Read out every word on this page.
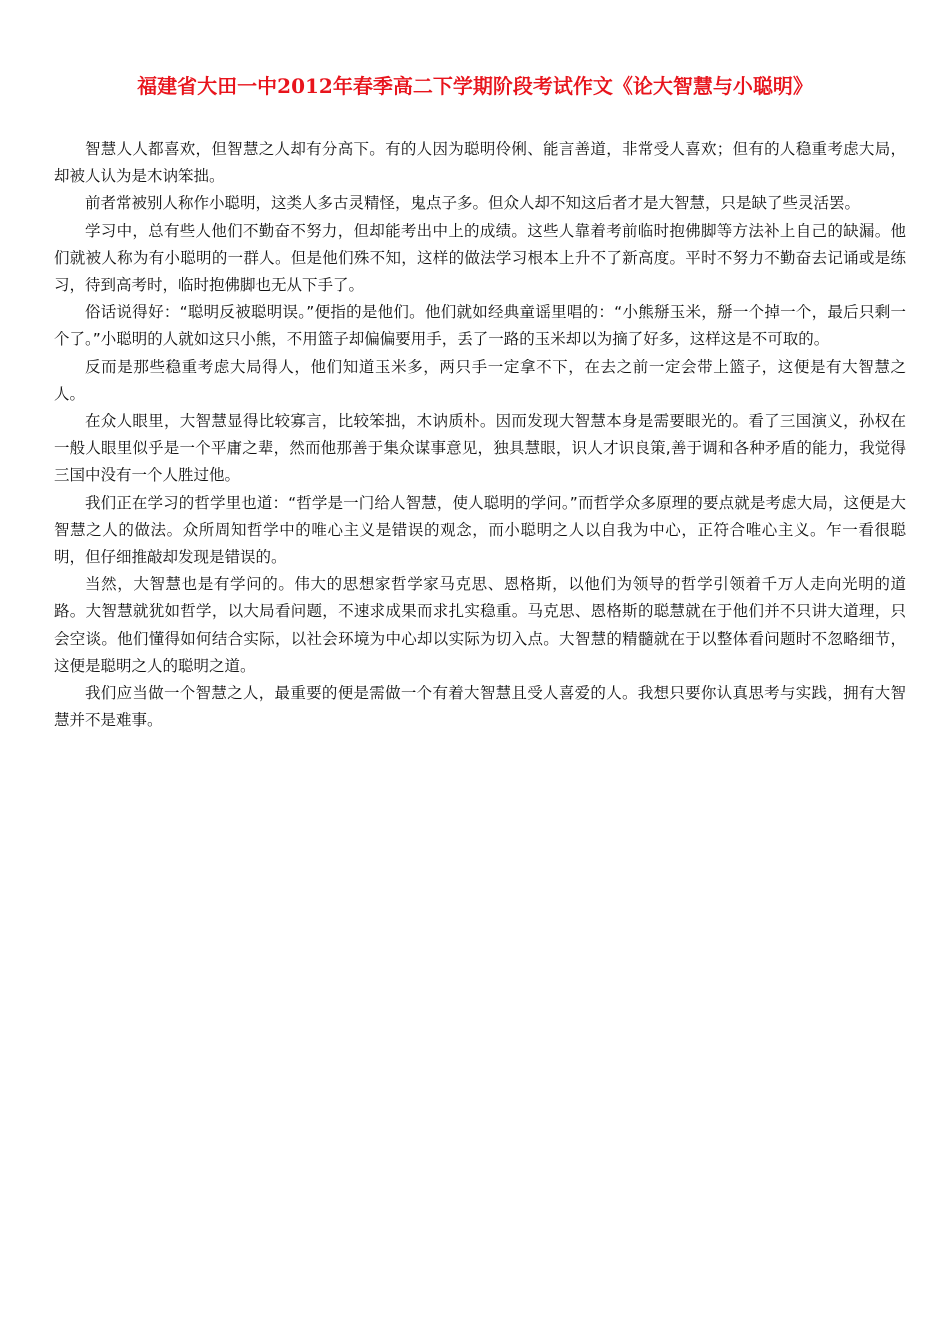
福建省大田一中2012年春季高二下学期阶段考试作文《论大智慧与小聪明》

智慧人人都喜欢，但智慧之人却有分高下。有的人因为聪明伶俐、能言善道，非常受人喜欢；但有的人稳重考虑大局，却被人认为是木讷笨拙。

前者常被别人称作小聪明，这类人多古灵精怪，鬼点子多。但众人却不知这后者才是大智慧，只是缺了些灵活罢。

学习中，总有些人他们不勤奋不努力，但却能考出中上的成绩。这些人靠着考前临时抱佛脚等方法补上自己的缺漏。他们就被人称为有小聪明的一群人。但是他们殊不知，这样的做法学习根本上升不了新高度。平时不努力不勤奋去记诵或是练习，待到高考时，临时抱佛脚也无从下手了。

俗话说得好：“聪明反被聪明误。”便指的是他们。他们就如经典童谣里唱的：“小熊掰玉米，掰一个掉一个，最后只剩一个了。”小聪明的人就如这只小熊，不用篮子却偏偏要用手，丢了一路的玉米却以为摘了好多，这样这是不可取的。

反而是那些稳重考虑大局得人，他们知道玉米多，两只手一定拿不下，在去之前一定会带上篮子，这便是有大智慧之人。

在众人眼里，大智慧显得比较寡言，比较笨拙，木讷质朴。因而发现大智慧本身是需要眼光的。看了三国演义，孙权在一般人眼里似乎是一个平庸之辈，然而他那善于集众谋事意见，独具慧眼，识人才识良策,善于调和各种矛盾的能力，我觉得三国中没有一个人胜过他。

我们正在学习的哲学里也道：“哲学是一门给人智慧，使人聪明的学问。”而哲学众多原理的要点就是考虑大局，这便是大智慧之人的做法。众所周知哲学中的唯心主义是错误的观念，而小聪明之人以自我为中心，正符合唯心主义。乍一看很聪明，但仔细推敲却发现是错误的。

当然，大智慧也是有学问的。伟大的思想家哲学家马克思、恩格斯，以他们为领导的哲学引领着千万人走向光明的道路。大智慧就犹如哲学，以大局看问题，不速求成果而求扎实稳重。马克思、恩格斯的聪慧就在于他们并不只讲大道理，只会空谈。他们懂得如何结合实际，以社会环境为中心却以实际为切入点。大智慧的精髓就在于以整体看问题时不忽略细节，这便是聪明之人的聪明之道。

我们应当做一个智慧之人，最重要的便是需做一个有着大智慧且受人喜爱的人。我想只要你认真思考与实践，拥有大智慧并不是难事。
